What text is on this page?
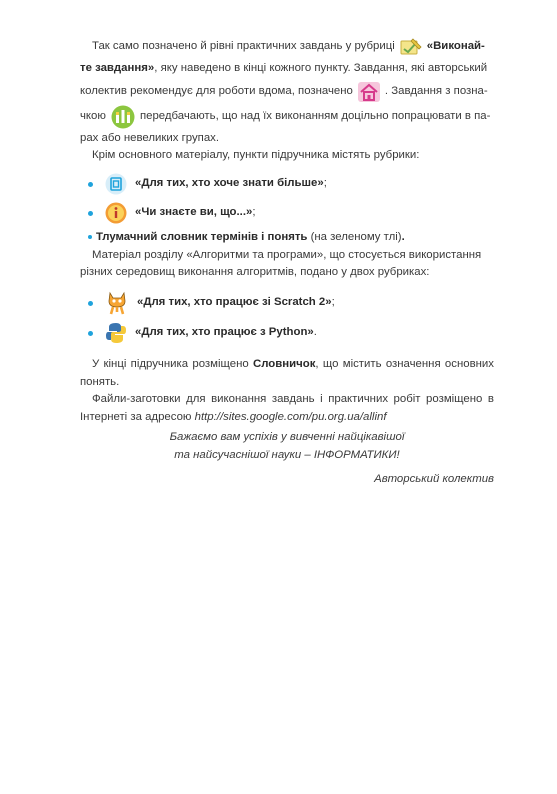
Так само позначено й рівні практичних завдань у рубриці	«Виконай-
те завдання» , яку наведено в кінці кожного пункту. Завдання, які авторський
колектив рекомендує для роботи вдома, позначено	. Завдання з позна-
чкою	передбачають, що над їх виконанням доцільно попрацювати в па-

рах або невеликих групах.

Крім основного матеріалу, пункти підручника містять рубрики:

«Для тих, хто хоче знати більше» ;
«Чи знаєте ви, що...» ;
Тлумачний словник термінів і понять (на зеленому тлі).

Матеріал розділу «Алгоритми та програми», що стосується використання

різних середовищ виконання алгоритмів, подано у двох рубриках:

«Для тих, хто працює зі Scratch 2» ;
«Для тих, хто працює з Python» .

У кінці підручника розміщено Словничок, що містить означення основних понять.

Файли-заготовки для виконання завдань і практичних робіт розміщено в Інтернеті за адресою http://sites.google.com/pu.org.ua/allinf

Бажаємо вам успіхів у вивченні найцікавішої

та найсучаснішої науки – ІНФОРМАТИКИ!

Авторський колектив
